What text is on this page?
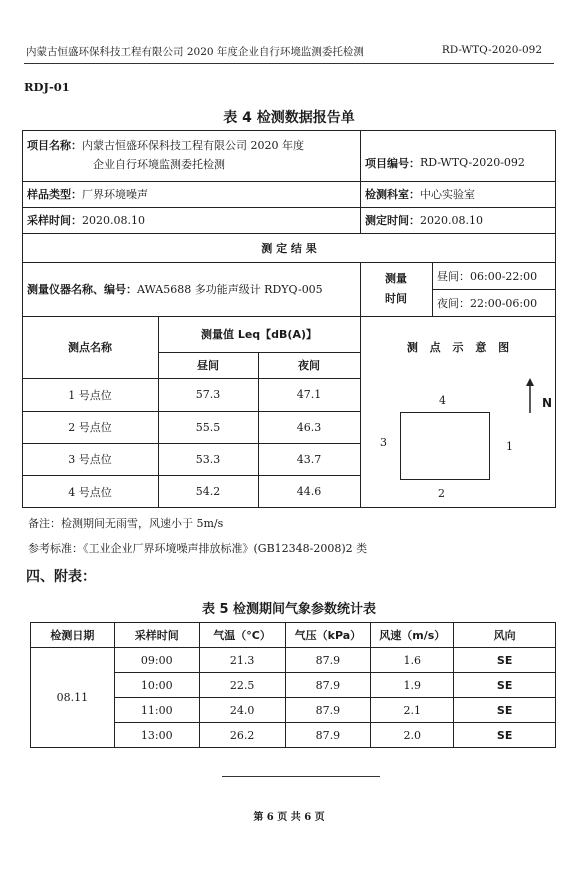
内蒙古恒盛环保科技工程有限公司 2020 年度企业自行环境监测委托检测	RD-WTQ-2020-092
RDJ-01
表 4 检测数据报告单
项目名称：内蒙古恒盛环保科技工程有限公司 2020 年度
企业自行环境监测委托检测	项目编号： RD-WTQ-2020-092
样品类型： 厂界环境噪声	检测科室： 中心实验室
采样时间： 2020.08.10	测定时间： 2020.08.10
测 定 结 果
测量仪器名称、编号： AWA5688 多功能声级计 RDYQ-005
测量
时间
昼间：06:00-22:00
夜间：22:00-06:00
测点名称
测量值 Leq【dB(A)】
昼间	夜间
测 点 示 意 图
1 号点位	57.3	47.1
2 号点位	55.5	46.3
3 号点位	53.3	43.7
4 号点位	54.2	44.6
4
1
2
3
N
备注：检测期间无雨雪，风速小于 5m/s
参考标准：《工业企业厂界环境噪声排放标准》(GB12348-2008)2 类
四、附表：
表 5 检测期间气象参数统计表
检测日期	采样时间	气温（°C）	气压（kPa）	风速（m/s）	风向
08.11	09:00	21.3	87.9	1.6	SE
	10:00	22.5	87.9	1.9	SE
	11:00	24.0	87.9	2.1	SE
	13:00	26.2	87.9	2.0	SE
第 6 页 共 6 页
